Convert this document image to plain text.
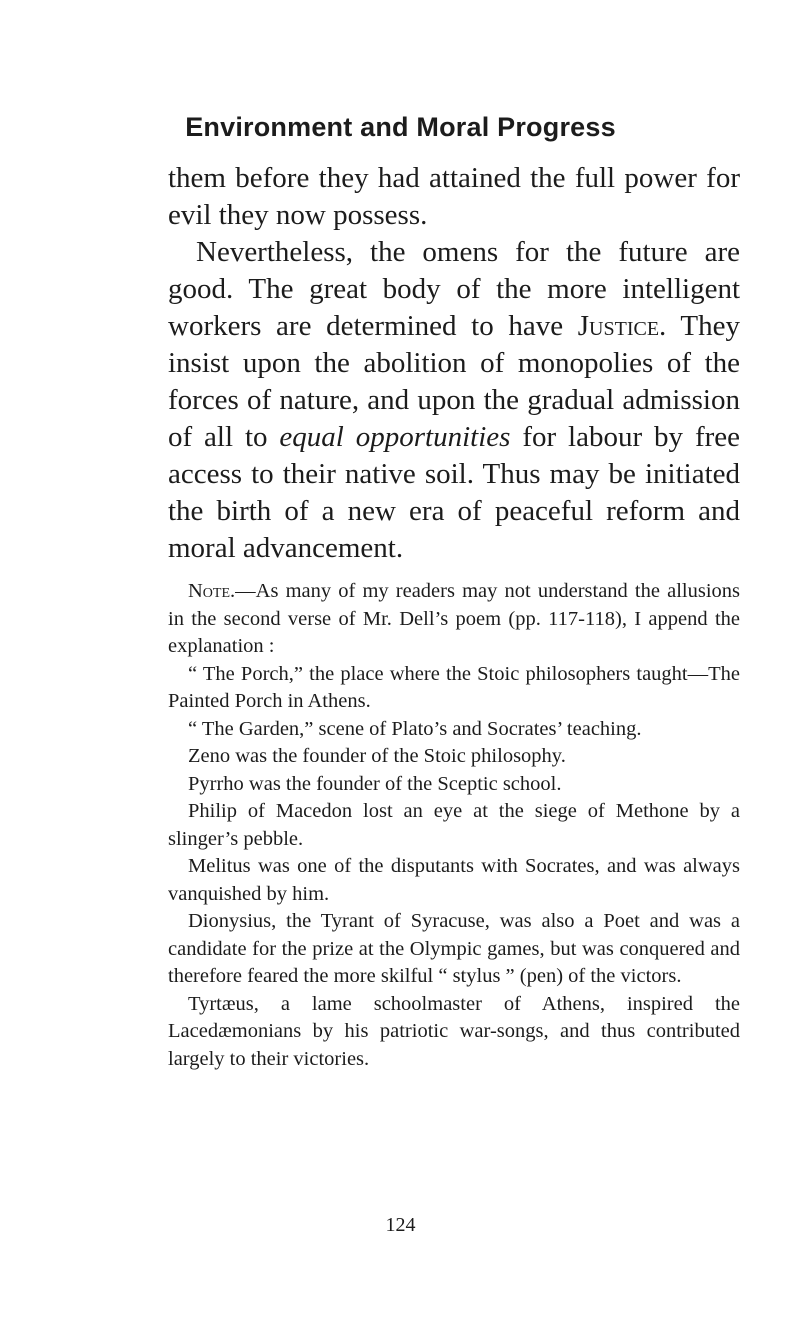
Environment and Moral Progress

them before they had attained the full power for evil they now possess.

Nevertheless, the omens for the future are good. The great body of the more intelligent workers are determined to have Justice. They insist upon the abolition of monopolies of the forces of nature, and upon the gradual admission of all to equal opportunities for labour by free access to their native soil. Thus may be initiated the birth of a new era of peaceful reform and moral advancement.

Note.—As many of my readers may not understand the allusions in the second verse of Mr. Dell’s poem (pp. 117-118), I append the explanation :

“ The Porch,” the place where the Stoic philosophers taught—The Painted Porch in Athens.

“ The Garden,” scene of Plato’s and Socrates’ teaching.

Zeno was the founder of the Stoic philosophy.

Pyrrho was the founder of the Sceptic school.

Philip of Macedon lost an eye at the siege of Methone by a slinger’s pebble.

Melitus was one of the disputants with Socrates, and was always vanquished by him.

Dionysius, the Tyrant of Syracuse, was also a Poet and was a candidate for the prize at the Olympic games, but was conquered and therefore feared the more skilful “ stylus ” (pen) of the victors.

Tyrtæus, a lame schoolmaster of Athens, inspired the Lacedæmonians by his patriotic war-songs, and thus contributed largely to their victories.

124
